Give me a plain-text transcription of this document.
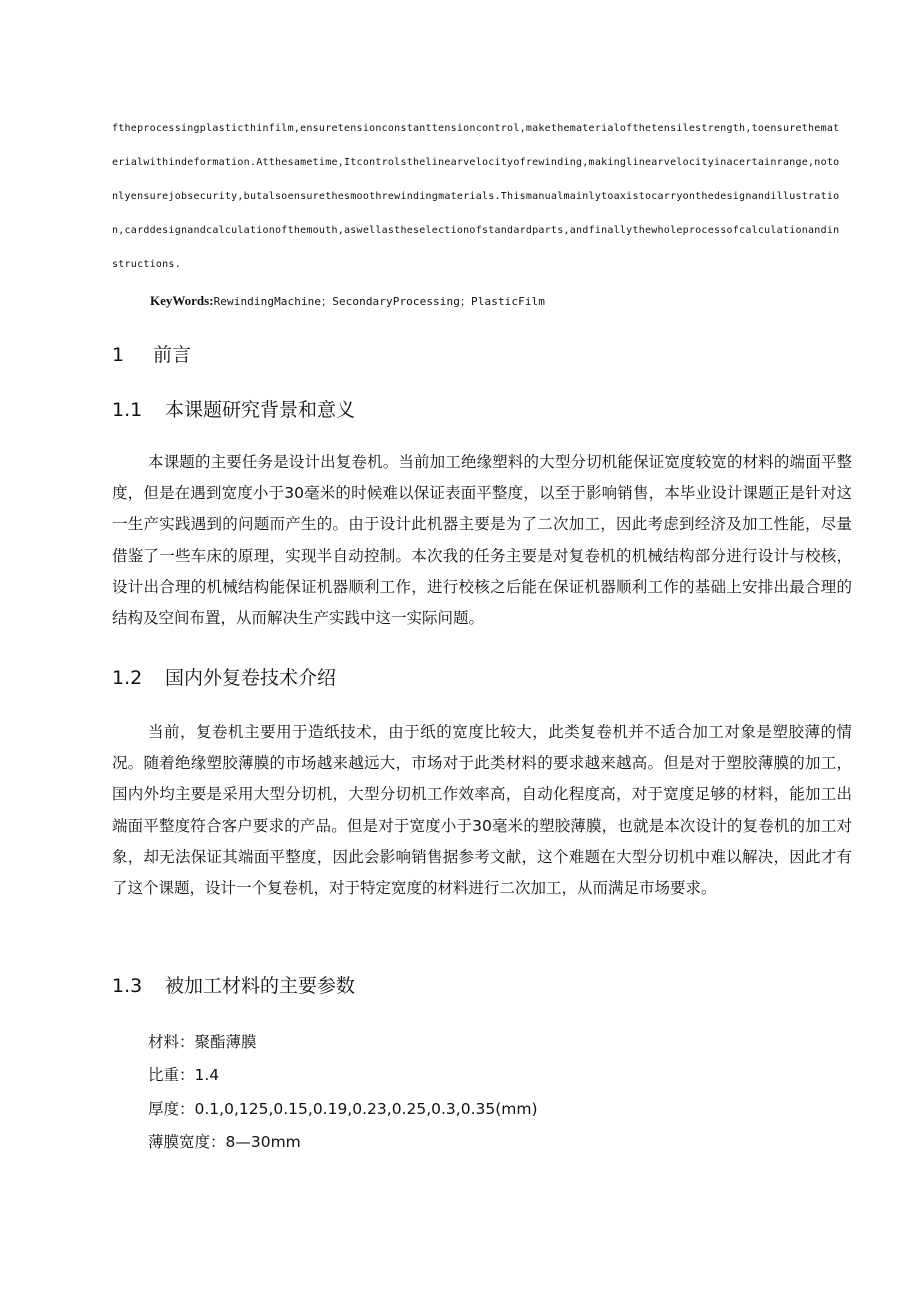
ftheprocessingplasticthinfilm,ensuretensionconstanttensioncontrol,makethematerialofthetensilestrength,toensurethematerialwithindeformation.Atthesametime,Itcontrolsthelinearvelocityofrewinding,makinglinearvelocityinacertainrange,notonlyensurejobsecurity,butalsoensurethesmoothrewindingmaterials.Thismanualmainlytoaxistocarryonthedesignandillustration,carddesignandcalculationofthemouth,aswellastheselectionofstandardparts,andfinallythewholeprocessofcalculationandinstructions.

KeyWords:RewindingMachine；SecondaryProcessing；PlasticFilm
1 前言
1.1 本课题研究背景和意义

本课题的主要任务是设计出复卷机。当前加工绝缘塑料的大型分切机能保证宽度较宽的材料的端面平整度，但是在遇到宽度小于30毫米的时候难以保证表面平整度，以至于影响销售，本毕业设计课题正是针对这一生产实践遇到的问题而产生的。由于设计此机器主要是为了二次加工，因此考虑到经济及加工性能，尽量借鉴了一些车床的原理，实现半自动控制。本次我的任务主要是对复卷机的机械结构部分进行设计与校核，设计出合理的机械结构能保证机器顺利工作，进行校核之后能在保证机器顺利工作的基础上安排出最合理的结构及空间布置，从而解决生产实践中这一实际问题。

1.2 国内外复卷技术介绍

当前，复卷机主要用于造纸技术，由于纸的宽度比较大，此类复卷机并不适合加工对象是塑胶薄的情况。随着绝缘塑胶薄膜的市场越来越远大，市场对于此类材料的要求越来越高。但是对于塑胶薄膜的加工，国内外均主要是采用大型分切机，大型分切机工作效率高，自动化程度高，对于宽度足够的材料，能加工出端面平整度符合客户要求的产品。但是对于宽度小于30毫米的塑胶薄膜，也就是本次设计的复卷机的加工对象，却无法保证其端面平整度，因此会影响销售据参考文献，这个难题在大型分切机中难以解决，因此才有了这个课题，设计一个复卷机，对于特定宽度的材料进行二次加工，从而满足市场要求。

1.3 被加工材料的主要参数
材料：聚酯薄膜
比重：1.4
厚度：0.1,0,125,0.15,0.19,0.23,0.25,0.3,0.35(mm)
薄膜宽度：8—30mm
